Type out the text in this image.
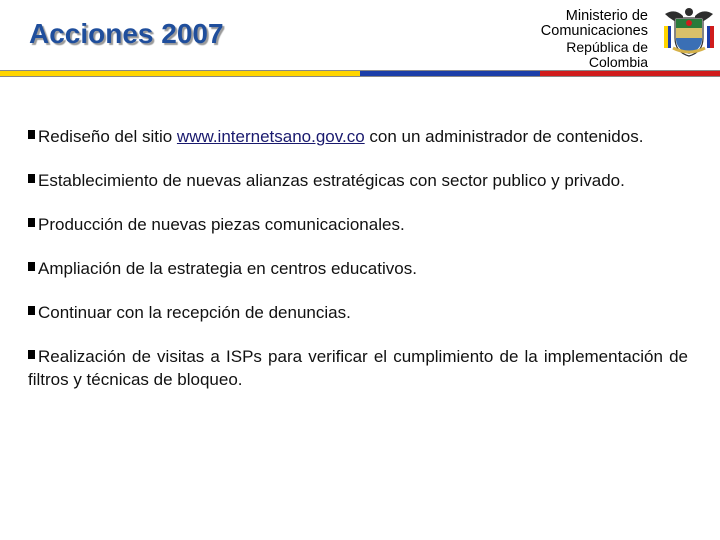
Acciones 2007
Ministerio de
Comunicaciones
República de
Colombia

Rediseño del sitio www.internetsano.gov.co con un administrador de contenidos.

Establecimiento de nuevas alianzas estratégicas con sector publico y privado.

Producción de nuevas piezas comunicacionales.

Ampliación de la estrategia en centros educativos.

Continuar con la recepción de denuncias.

Realización de visitas a ISPs para verificar el cumplimiento de la implementación de filtros y técnicas de bloqueo.
